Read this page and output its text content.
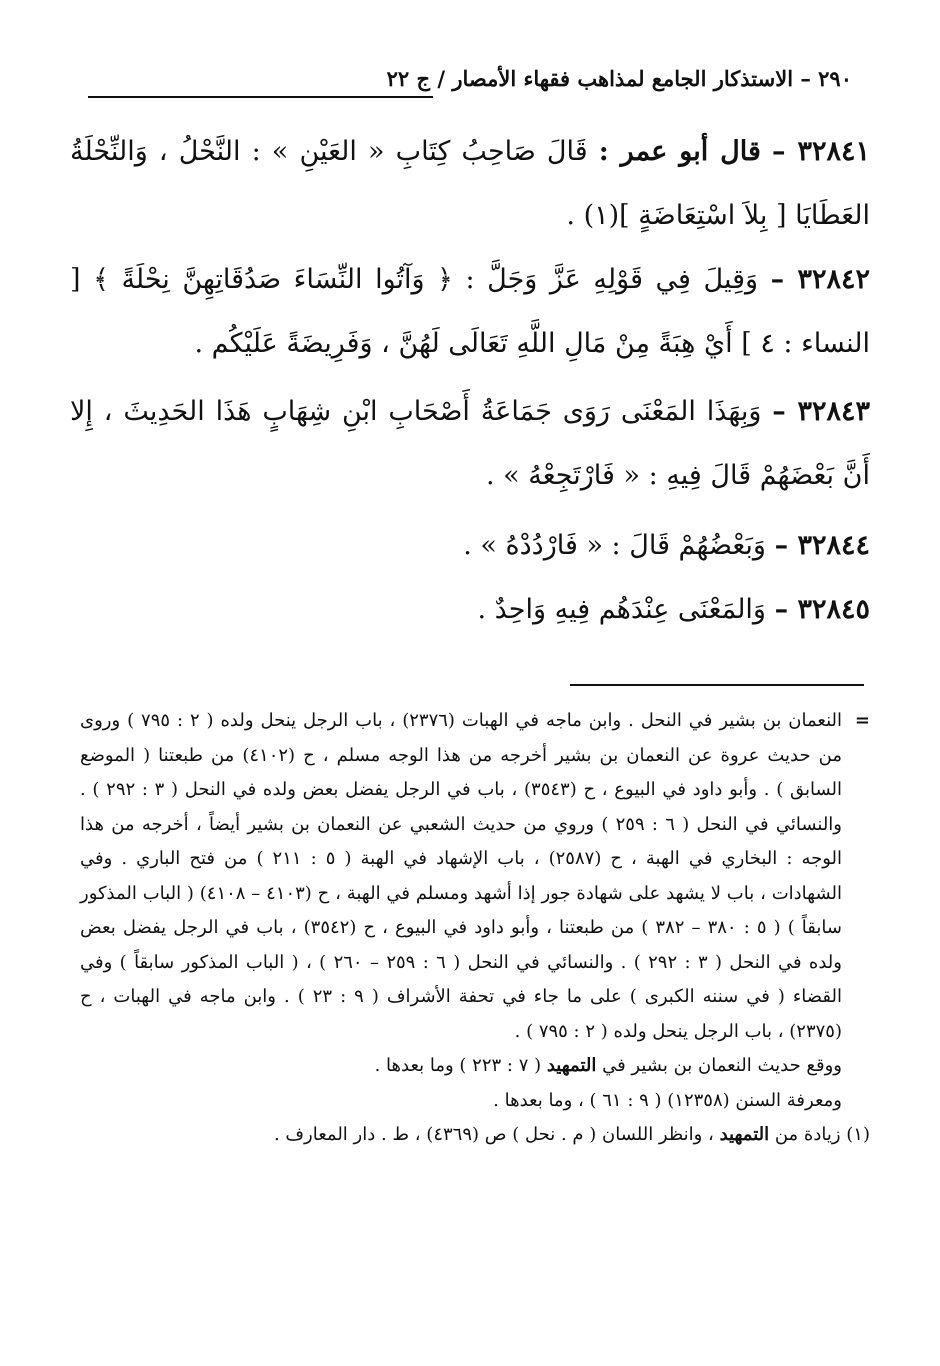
٢٩٠ – الاستذكار الجامع لمذاهب فقهاء الأمصار / ج ٢٢
٣٢٨٤١ – قال أبو عمر : قَالَ صَاحِبُ كِتَابِ « العَيْنِ » : النَّحْلُ ، وَالنِّحْلَةُ العَطَايَا [ بِلاَ اسْتِعَاضَةٍ ](١) .
٣٢٨٤٢ – وَقِيلَ فِي قَوْلِهِ عَزَّ وَجَلَّ : ﴿ وَآتُوا النِّسَاءَ صَدُقَاتِهِنَّ نِحْلَةً ﴾ [ النساء : ٤ ] أَيْ هِبَةً مِنْ مَالِ اللَّهِ تَعَالَى لَهُنَّ ، وَفَرِيضَةً عَلَيْكُم .
٣٢٨٤٣ – وَبِهَذَا المَعْنَى رَوَى جَمَاعَةُ أَصْحَابِ ابْنِ شِهَابٍ هَذَا الحَدِيثَ ، إِلا أَنَّ بَعْضَهُمْ قَالَ فِيهِ : « فَارْتَجِعْهُ » .
٣٢٨٤٤ – وَبَعْضُهُمْ قَالَ : « فَارْدُدْهُ » .
٣٢٨٤٥ – وَالمَعْنَى عِنْدَهُم فِيهِ وَاحِدٌ .

=
النعمان بن بشير في النحل . وابن ماجه في الهبات (٢٣٧٦) ، باب الرجل ينحل ولده ( ٢ : ٧٩٥ ) وروى من حديث عروة عن النعمان بن بشير أخرجه من هذا الوجه مسلم ، ح (٤١٠٢) من طبعتنا ( الموضع السابق ) . وأبو داود في البيوع ، ح (٣٥٤٣) ، باب في الرجل يفضل بعض ولده في النحل ( ٣ : ٢٩٢ ) . والنسائي في النحل ( ٦ : ٢٥٩ ) وروي من حديث الشعبي عن النعمان بن بشير أيضاً ، أخرجه من هذا الوجه : البخاري في الهبة ، ح (٢٥٨٧) ، باب الإشهاد في الهبة ( ٥ : ٢١١ ) من فتح الباري . وفي الشهادات ، باب لا يشهد على شهادة جور إذا أشهد ومسلم في الهبة ، ح (٤١٠٣ – ٤١٠٨) ( الباب المذكور سابقاً ) ( ٥ : ٣٨٠ – ٣٨٢ ) من طبعتنا ، وأبو داود في البيوع ، ح (٣٥٤٢) ، باب في الرجل يفضل بعض ولده في النحل ( ٣ : ٢٩٢ ) . والنسائي في النحل ( ٦ : ٢٥٩ – ٢٦٠ ) ، ( الباب المذكور سابقاً ) وفي القضاء ( في سننه الكبرى ) على ما جاء في تحفة الأشراف ( ٩ : ٢٣ ) . وابن ماجه في الهبات ، ح (٢٣٧٥) ، باب الرجل ينحل ولده ( ٢ : ٧٩٥ ) .

ووقع حديث النعمان بن بشير في التمهيد ( ٧ : ٢٢٣ ) وما بعدها .

ومعرفة السنن (١٢٣٥٨) ( ٩ : ٦١ ) ، وما بعدها .

(١) زيادة من التمهيد ، وانظر اللسان ( م . نحل ) ص (٤٣٦٩) ، ط . دار المعارف .
